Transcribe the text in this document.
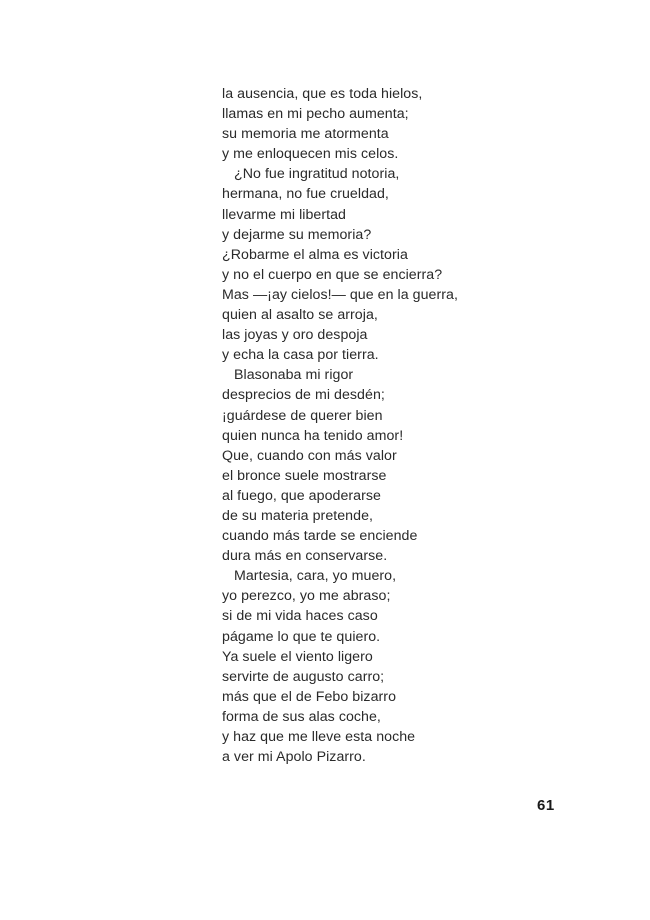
la ausencia, que es toda hielos,
llamas en mi pecho aumenta;
su memoria me atormenta
y me enloquecen mis celos.
¿No fue ingratitud notoria,
hermana, no fue crueldad,
llevarme mi libertad
y dejarme su memoria?
¿Robarme el alma es victoria
y no el cuerpo en que se encierra?
Mas —¡ay cielos!— que en la guerra,
quien al asalto se arroja,
las joyas y oro despoja
y echa la casa por tierra.
Blasonaba mi rigor
desprecios de mi desdén;
¡guárdese de querer bien
quien nunca ha tenido amor!
Que, cuando con más valor
el bronce suele mostrarse
al fuego, que apoderarse
de su materia pretende,
cuando más tarde se enciende
dura más en conservarse.
Martesia, cara, yo muero,
yo perezco, yo me abraso;
si de mi vida haces caso
págame lo que te quiero.
Ya suele el viento ligero
servirte de augusto carro;
más que el de Febo bizarro
forma de sus alas coche,
y haz que me lleve esta noche
a ver mi Apolo Pizarro.
61
